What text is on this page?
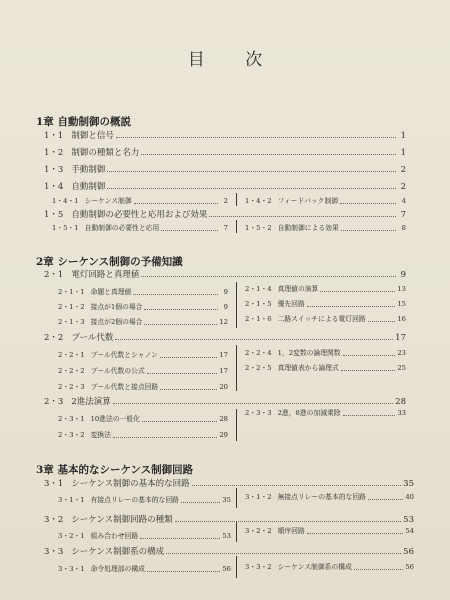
目 次
1章 自動制御の概説
1・1 制御と信号	1
1・2 制御の種類と名力	1
1・3 手動制御	2
1・4 自動制御	2
1・4・1 シーケンス制御	2	1・4・2 フィードバック制御	4
1・5 自動制御の必要性と応用および効果	7
1・5・1 自動制御の必要性と応用	7	1・5・2 自動制御による効果	8
2章 シーケンス制御の予備知識
2・1 電灯回路と真理値	9
2・1・1 命題と真理値	9
2・1・2 接点が1個の場合	9
2・1・3 接点が2個の場合	12
2・1・4 真理値の演算	13
2・1・5 優先回路	15
2・1・6 二路スイッチによる電灯回路	16
2・2 ブール代数	17
2・2・1 ブール代数とシャノン	17
2・2・2 ブール代数の公式	17
2・2・3 ブール代数と接点回路	20
2・2・4 1，2変数の論理関数	23
2・2・5 真理値表から論理式	25
2・3 2進法演算	28
2・3・1 10進法の一般化	28
2・3・2 変換法	29
2・3・3 2進，8進の加減乗除	33
3章 基本的なシーケンス制御回路
3・1 シーケンス制御の基本的な回路	35
3・1・1 有接点リレーの基本的な回路	35 3・1・2 無接点リレーの基本的な回路	40
3・2 シーケンス制御回路の種類	53
3・2・1 組み合わせ回路	53
3・2・2 順序回路	54
3・3 シーケンス制御系の構成	56
3・3・1 命令処理部の構成	56 3・3・2 シーケンス制御系の構成	56
